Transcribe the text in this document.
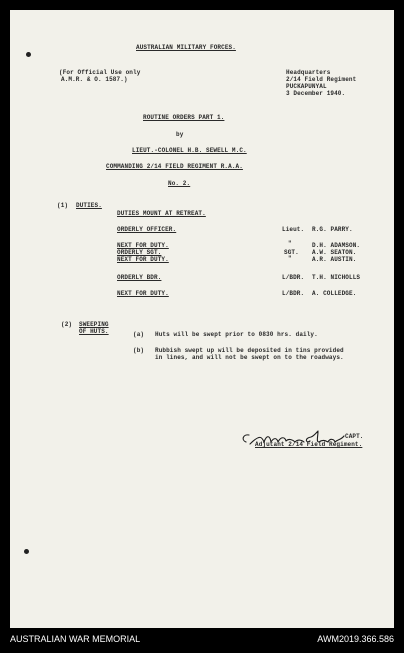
AUSTRALIAN MILITARY FORCES.
(For Official Use only
A.M.R. & O. 1587.)
Headquarters
2/14 Field Regiment
PUCKAPUNYAL
3 December 1940.
ROUTINE ORDERS PART 1.
by
LIEUT.-COLONEL H.B. SEWELL M.C.
COMMANDING 2/14 FIELD REGIMENT R.A.A.
No. 2.
(1) DUTIES.
DUTIES MOUNT AT RETREAT.
ORDERLY OFFICER.	Lieut. R.G. PARRY.
NEXT FOR DUTY.	"	D.H. ADAMSON.
ORDERLY SGT.	SGT. A.W. SEATON.
NEXT FOR DUTY.	"	A.R. AUSTIN.
ORDERLY BDR.	L/BDR. T.H. NICHOLLS
NEXT FOR DUTY.	L/BDR. A. COLLEDGE.
(2) SWEEPING
OF HUTS.	(a) Huts will be swept prior to 0830 hrs. daily.
(b) Rubbish swept up will be deposited in tins provided
in lines, and will not be swept on to the roadways.
CAPT.
Adjutant 2/14 Field Regiment.
AUSTRALIAN WAR MEMORIAL	AWM2019.366.586
